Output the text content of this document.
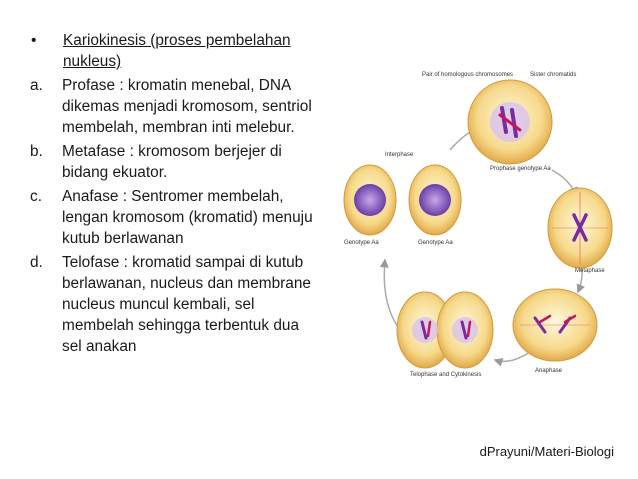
•	Kariokinesis (proses pembelahan nukleus)
a.	Profase : kromatin menebal, DNA dikemas menjadi kromosom, sentriol membelah, membran inti melebur.
b.	Metafase : kromosom berjejer di bidang ekuator.
c.	Anafase : Sentromer membelah, lengan kromosom (kromatid) menuju kutub berlawanan
d.	Telofase : kromatid sampai di kutub berlawanan, nucleus dan membrane nucleus muncul kembali, sel membelah sehingga terbentuk dua sel anakan
Pair of homologous chromosomes	Sister chromatids
Interphase
Prophase genotype Aa
Metaphase
Anaphase
Telophase and Cytokinesis
Genotype Aa	Genotype Aa
dPrayuni/Materi-Biologi
